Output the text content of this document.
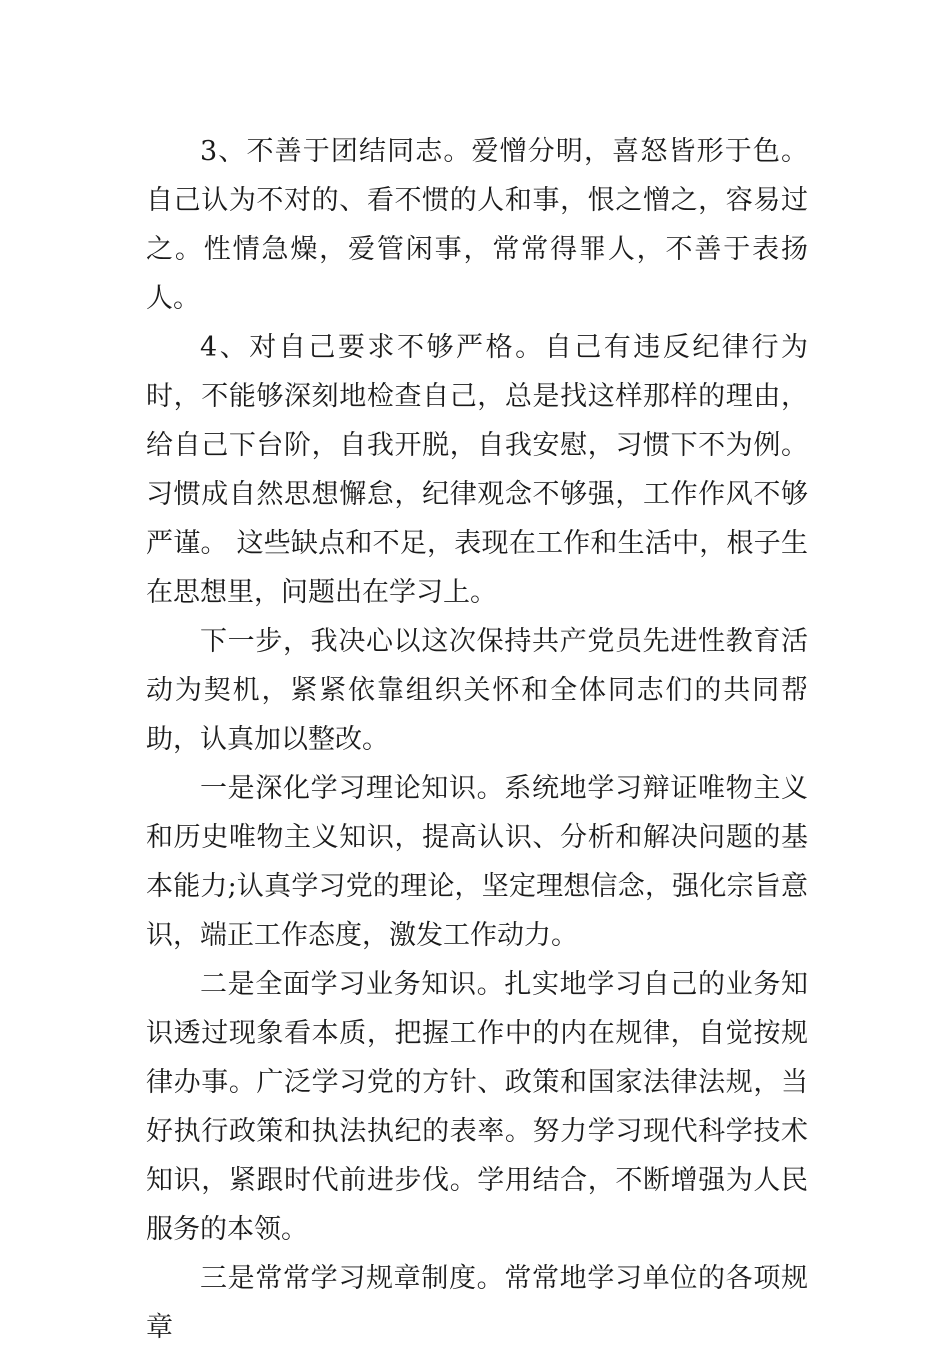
3、不善于团结同志。爱憎分明，喜怒皆形于色。自己认为不对的、看不惯的人和事，恨之憎之，容易过之。性情急燥，爱管闲事，常常得罪人，不善于表扬人。

4、对自己要求不够严格。自己有违反纪律行为时，不能够深刻地检查自己，总是找这样那样的理由，给自己下台阶，自我开脱，自我安慰，习惯下不为例。习惯成自然思想懈怠，纪律观念不够强，工作作风不够严谨。 这些缺点和不足，表现在工作和生活中，根子生在思想里，问题出在学习上。

下一步，我决心以这次保持共产党员先进性教育活动为契机，紧紧依靠组织关怀和全体同志们的共同帮助，认真加以整改。

一是深化学习理论知识。系统地学习辩证唯物主义和历史唯物主义知识，提高认识、分析和解决问题的基本能力;认真学习党的理论，坚定理想信念，强化宗旨意识，端正工作态度，激发工作动力。

二是全面学习业务知识。扎实地学习自己的业务知识透过现象看本质，把握工作中的内在规律，自觉按规律办事。广泛学习党的方针、政策和国家法律法规，当好执行政策和执法执纪的表率。努力学习现代科学技术知识，紧跟时代前进步伐。学用结合，不断增强为人民服务的本领。

三是常常学习规章制度。常常地学习单位的各项规章
